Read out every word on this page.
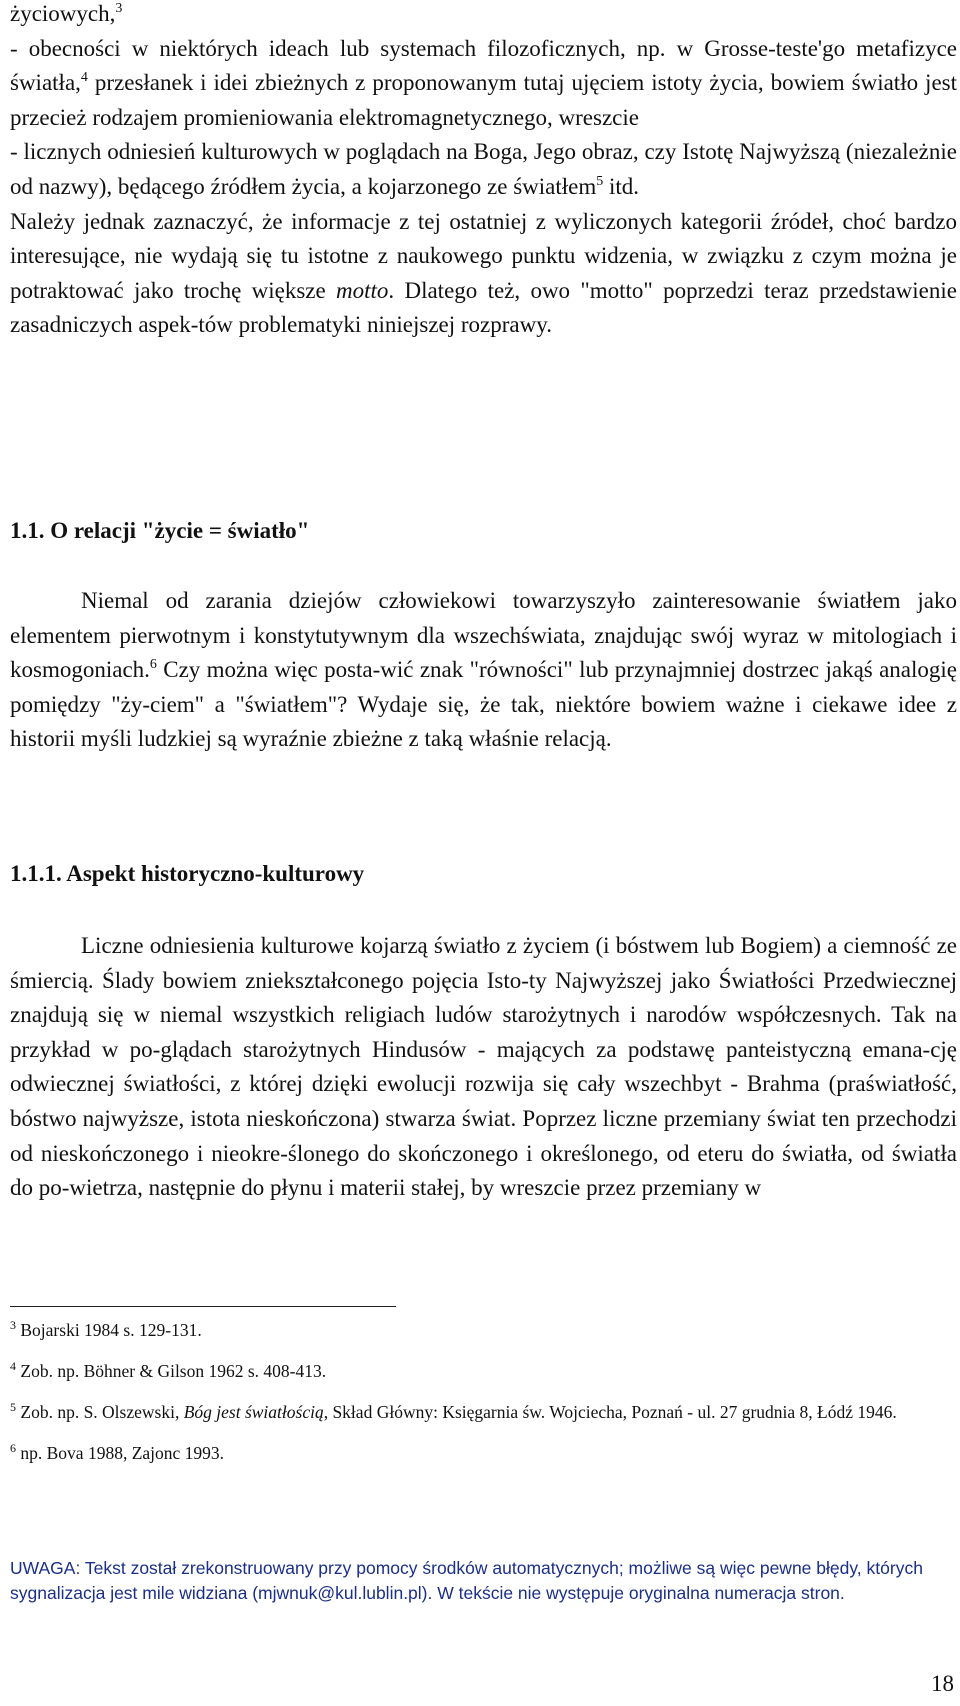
życiowych,$^3$

- obecności w niektórych ideach lub systemach filozoficznych, np. w Grosse-teste'go metafizyce światła,$^4$ przesłanek i idei zbieżnych z proponowanym tutaj ujęciem istoty życia, bowiem światło jest przecież rodzajem promieniowania elektromagnetycznego, wreszcie

- licznych odniesień kulturowych w poglądach na Boga, Jego obraz, czy Istotę Najwyższą (niezależnie od nazwy), będącego źródłem życia, a kojarzonego ze światłem$^5$ itd.

Należy jednak zaznaczyć, że informacje z tej ostatniej z wyliczonych kategorii źródeł, choć bardzo interesujące, nie wydają się tu istotne z naukowego punktu widzenia, w związku z czym można je potraktować jako trochę większe motto. Dlatego też, owo "motto" poprzedzi teraz przedstawienie zasadniczych aspek-tów problematyki niniejszej rozprawy.

1.1. O relacji "życie = światło"

Niemal od zarania dziejów człowiekowi towarzyszyło zainteresowanie światłem jako elementem pierwotnym i konstytutywnym dla wszechświata, znajdując swój wyraz w mitologiach i kosmogoniach.$^6$ Czy można więc posta-wić znak "równości" lub przynajmniej dostrzec jakąś analogię pomiędzy "ży-ciem" a "światłem"? Wydaje się, że tak, niektóre bowiem ważne i ciekawe idee z historii myśli ludzkiej są wyraźnie zbieżne z taką właśnie relacją.

1.1.1. Aspekt historyczno-kulturowy

Liczne odniesienia kulturowe kojarzą światło z życiem (i bóstwem lub Bogiem) a ciemność ze śmiercią. Ślady bowiem zniekształconego pojęcia Isto-ty Najwyższej jako Światłości Przedwiecznej znajdują się w niemal wszystkich religiach ludów starożytnych i narodów współczesnych. Tak na przykład w po-glądach starożytnych Hindusów - mających za podstawę panteistyczną emana-cję odwiecznej światłości, z której dzięki ewolucji rozwija się cały wszechbyt - Brahma (praświatłość, bóstwo najwyższe, istota nieskończona) stwarza świat. Poprzez liczne przemiany świat ten przechodzi od nieskończonego i nieokre-ślonego do skończonego i określonego, od eteru do światła, od światła do po-wietrza, następnie do płynu i materii stałej, by wreszcie przez przemiany w

$^3$ Bojarski 1984 s. 129-131.

$^4$ Zob. np. Böhner & Gilson 1962 s. 408-413.

$^5$ Zob. np. S. Olszewski, Bóg jest światłością, Skład Główny: Księgarnia św. Wojciecha, Poznań - ul. 27 grudnia 8, Łódź 1946.

$^6$ np. Bova 1988, Zajonc 1993.

UWAGA: Tekst został zrekonstruowany przy pomocy środków automatycznych; możliwe są więc pewne błędy, których sygnalizacja jest mile widziana (mjwnuk@kul.lublin.pl). W tekście nie występuje oryginalna numeracja stron.
18
